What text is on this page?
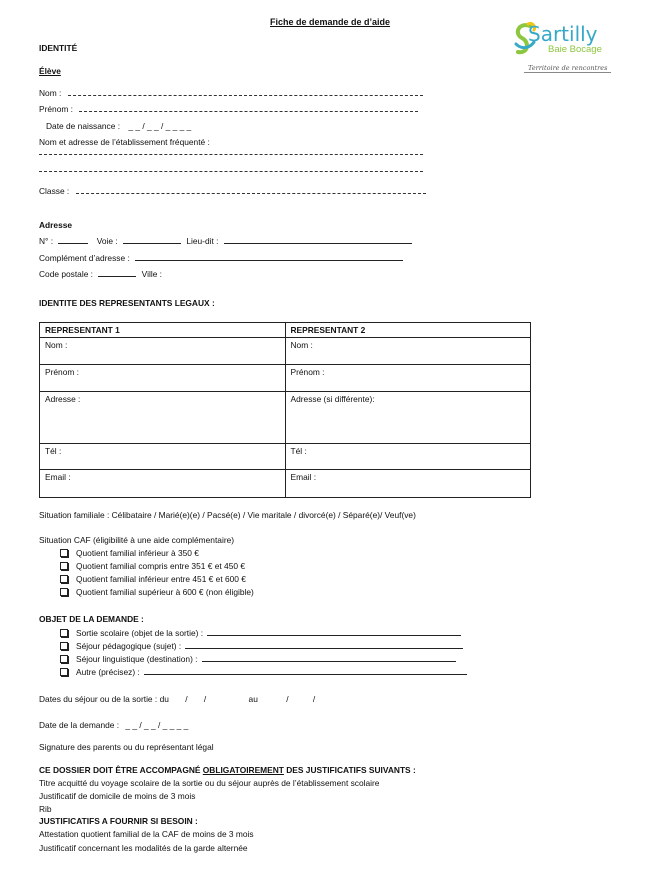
Fiche de demande de d’aide	Sartilly
Baie Bocage
Territoire de rencontres
IDENTITÉ
Élève
Nom :
Prénom :
Date de naissance : _ _ / _ _ / _ _ _ _
Nom et adresse de l’établissement fréquenté :
Classe :
Adresse
N° :	Voie :	Lieu-dit :
Complément d’adresse :
Code postale :	Ville :
IDENTITE DES REPRESENTANTS LEGAUX :
REPRESENTANT 1	REPRESENTANT 2
Nom :	Nom :
Prénom :	Prénom :
Adresse :	Adresse (si différente):
Tél :	Tél :
Email :	Email :
Situation familiale : Célibataire / Marié(e)(e) / Pacsé(e) / Vie maritale / divorcé(e) / Séparé(e)/ Veuf(ve)
Situation CAF (éligibilité à une aide complémentaire)
Quotient familial inférieur à 350 €
Quotient familial compris entre 351 € et 450 €
Quotient familial inférieur entre 451 € et 600 €
Quotient familial supérieur à 600 € (non éligible)
OBJET DE LA DEMANDE :
Sortie scolaire (objet de la sortie) :
Séjour pédagogique (sujet) :
Séjour linguistique (destination) :
Autre (précisez) :
Dates du séjour ou de la sortie : du / /	au	/	/
Date de la demande : _ _ / _ _ / _ _ _ _
Signature des parents ou du représentant légal
CE DOSSIER DOIT ÊTRE ACCOMPAGNÉ OBLIGATOIREMENT DES JUSTIFICATIFS SUIVANTS :
Titre acquitté du voyage scolaire de la sortie ou du séjour auprès de l’établissement scolaire
Justificatif de domicile de moins de 3 mois
Rib
JUSTIFICATIFS A FOURNIR SI BESOIN :
Attestation quotient familial de la CAF de moins de 3 mois
Justificatif concernant les modalités de la garde alternée
